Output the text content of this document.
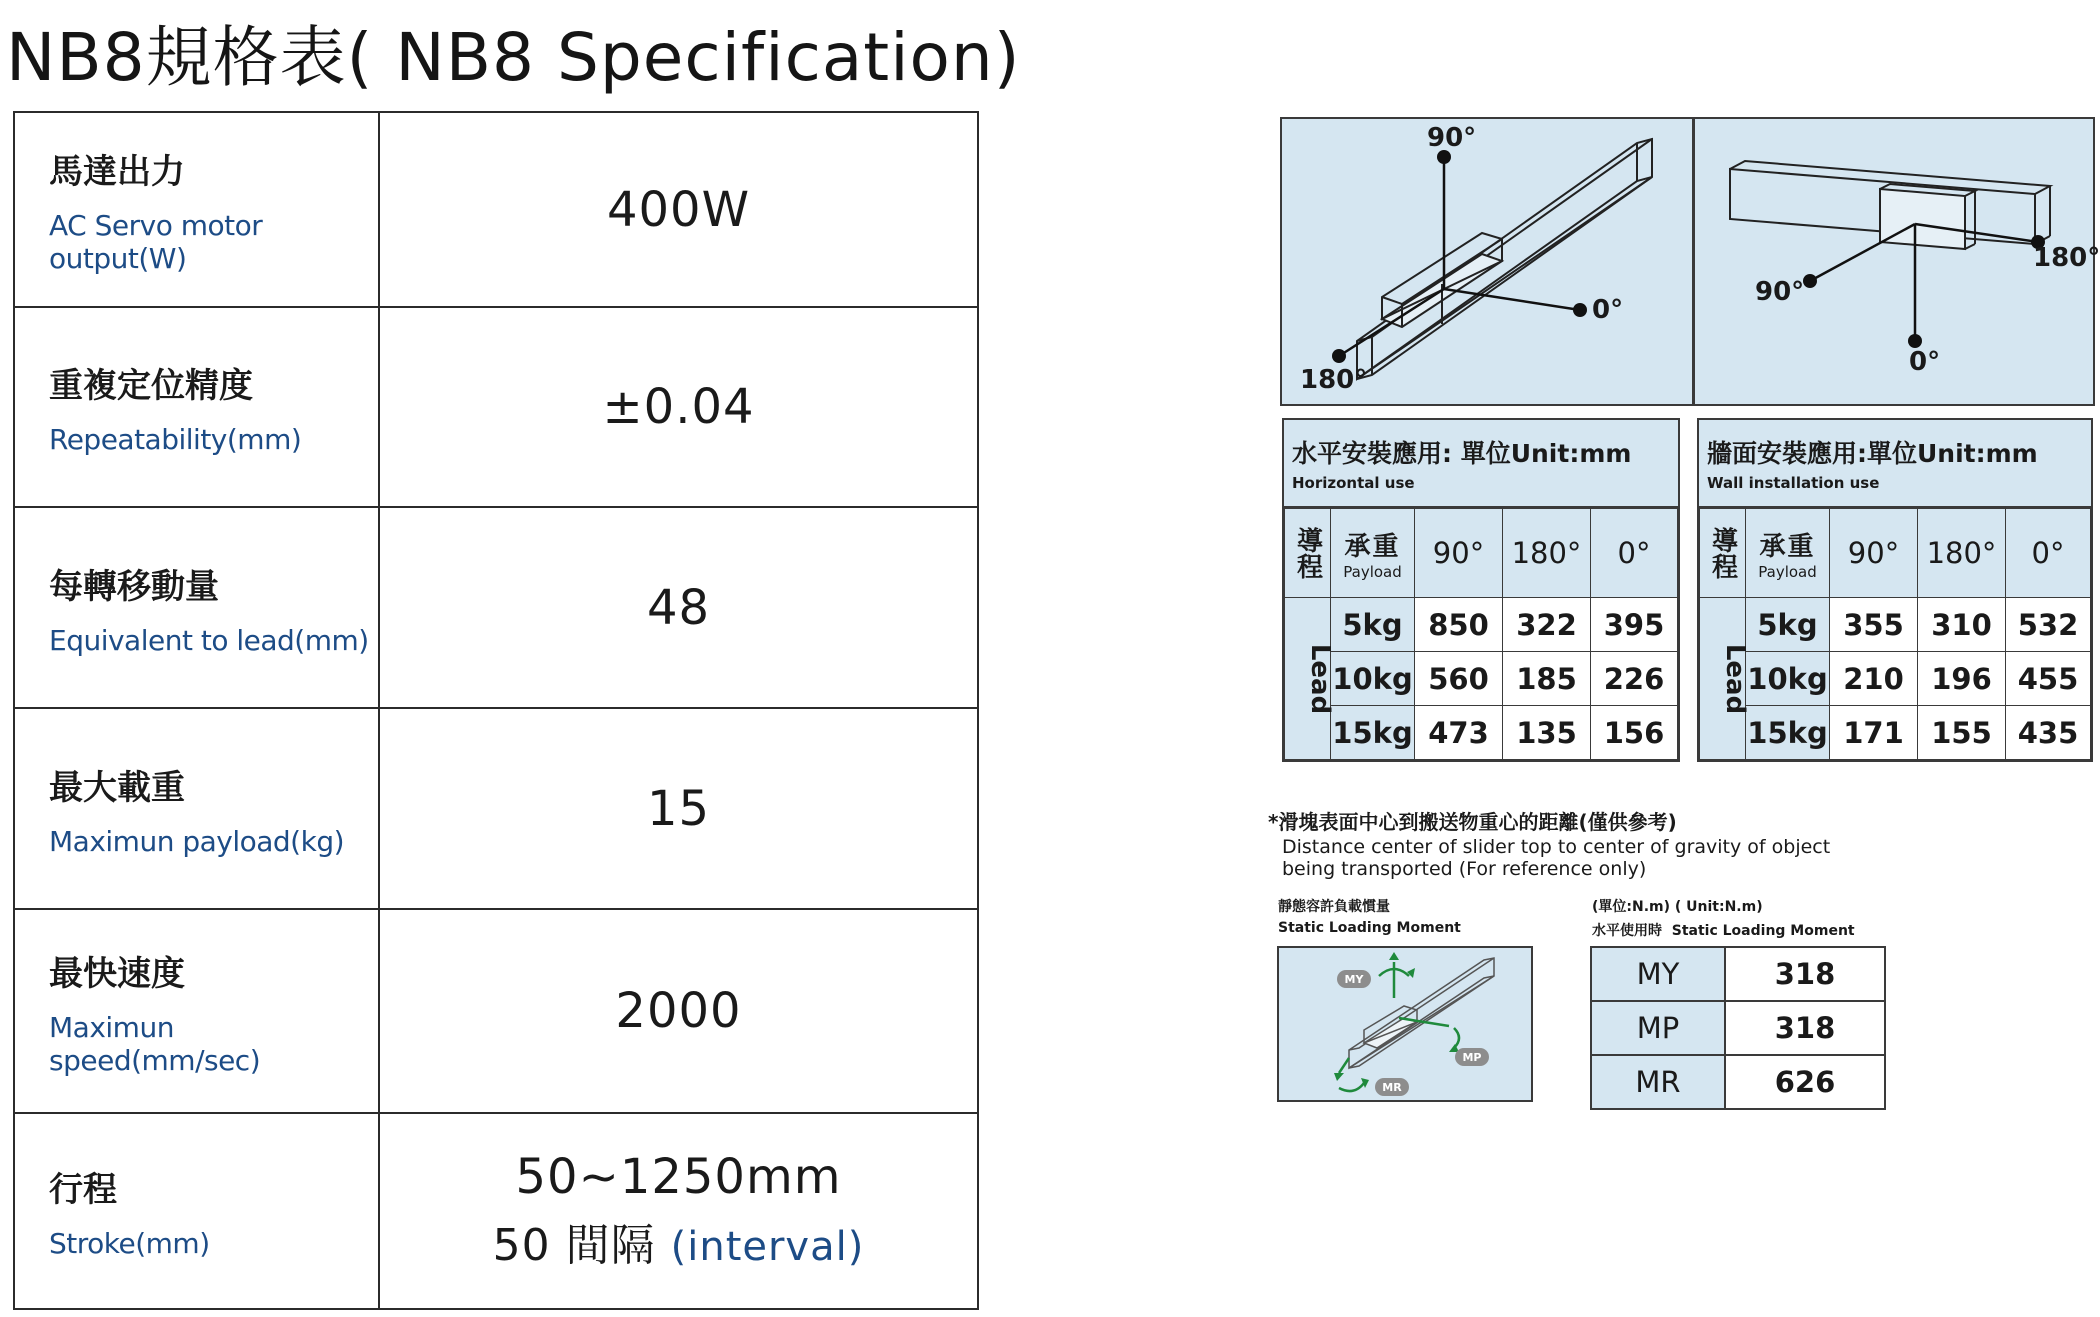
NB8規格表( NB8 Specification)
馬達出力
AC Servo motor output(W)	400W

重複定位精度
Repeatability(mm)	±0.04

每轉移動量
Equivalent to lead(mm)	48

最大載重
Maximun payload(kg)	15

最快速度
Maximun speed(mm/sec)	2000

行程
Stroke(mm)	50~1250mm
50 間隔 (interval)
90°
0°
180°
180°
90°
0°
水平安裝應用: 單位Unit:mm
Horizontal use
導程	承重
Payload	90°	180°	0°
Lead	5kg	850	322	395
	10kg	560	185	226
	15kg	473	135	156
牆面安裝應用:單位Unit:mm
Wall installation use
導程	承重
Payload	90°	180°	0°
Lead	5kg	355	310	532
	10kg	210	196	455
	15kg	171	155	435
*滑塊表面中心到搬送物重心的距離(僅供參考)
Distance center of slider top to center of gravity of object being transported (For reference only)
靜態容許負載慣量
Static Loading Moment
(單位:N.m) ( Unit:N.m)
水平使用時 Static Loading Moment
MY
MP
MR
MY	318
MP	318
MR	626
